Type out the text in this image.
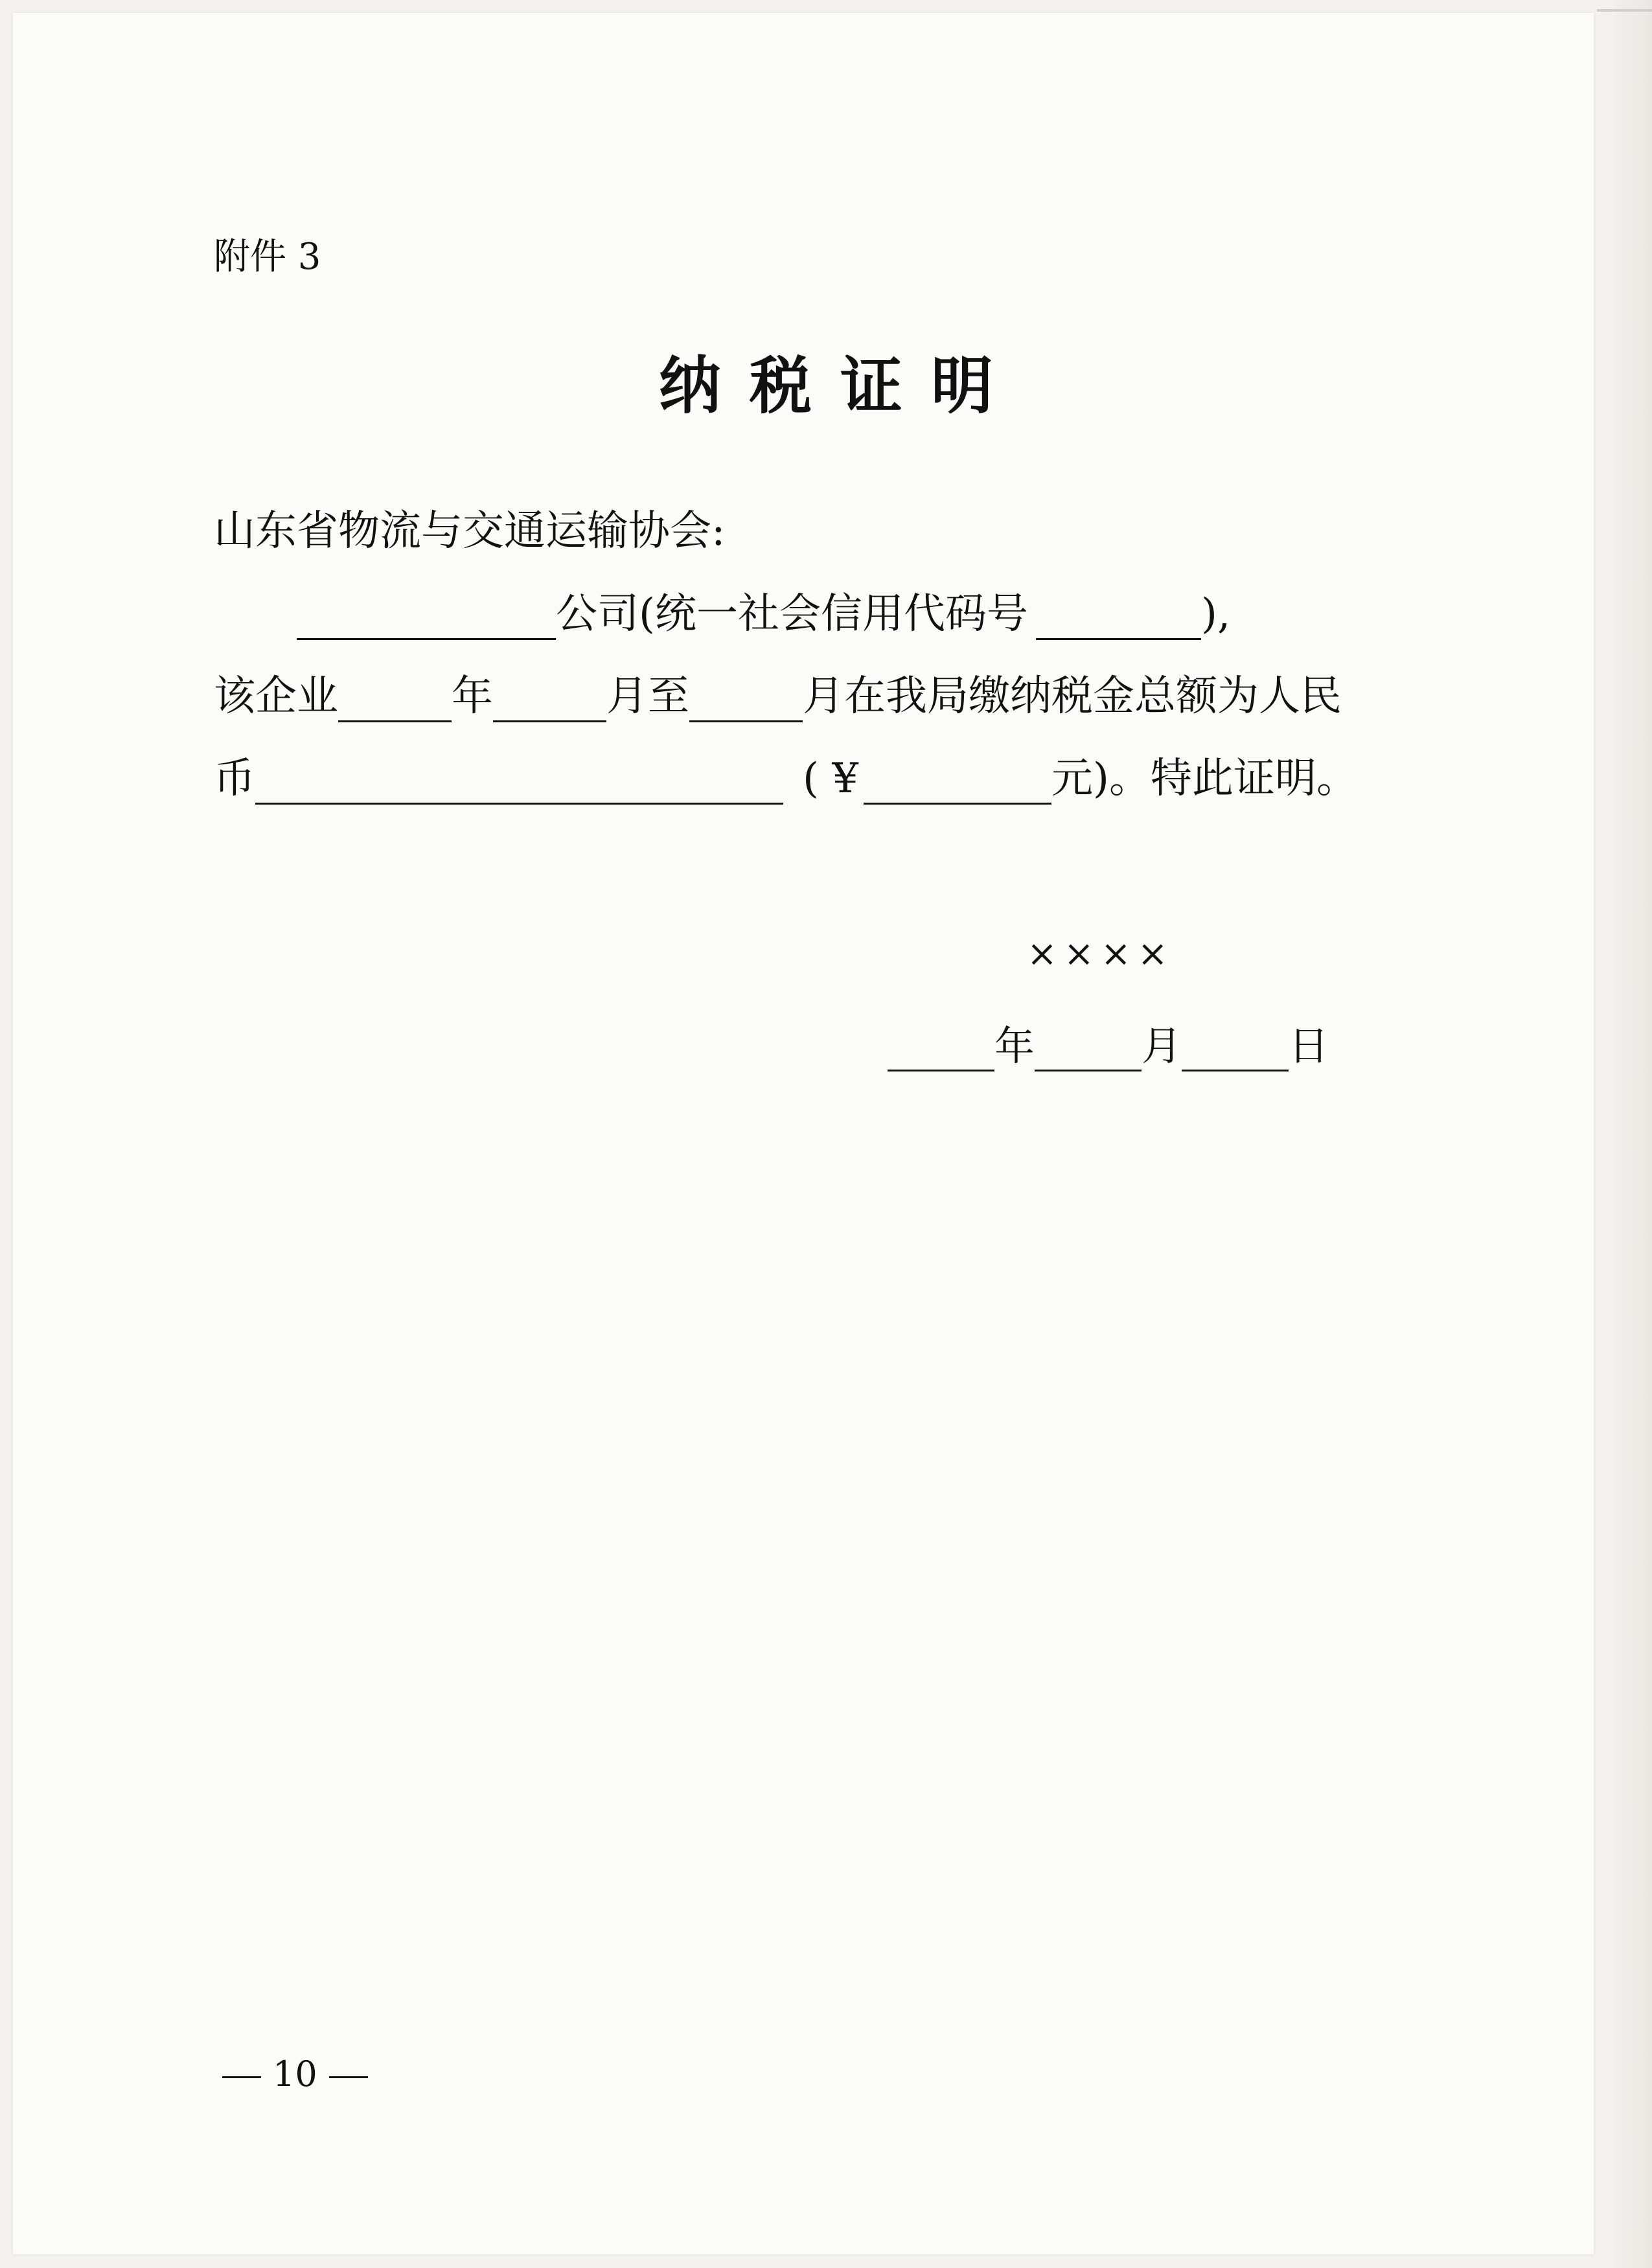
附件 3
纳税证明
山东省物流与交通运输协会:
公司(统一社会信用代码号	),
该企业	年	月至	月在我局缴纳税金总额为人民
币	( ¥	元)。特此证明。
××××
年	月	日
10
